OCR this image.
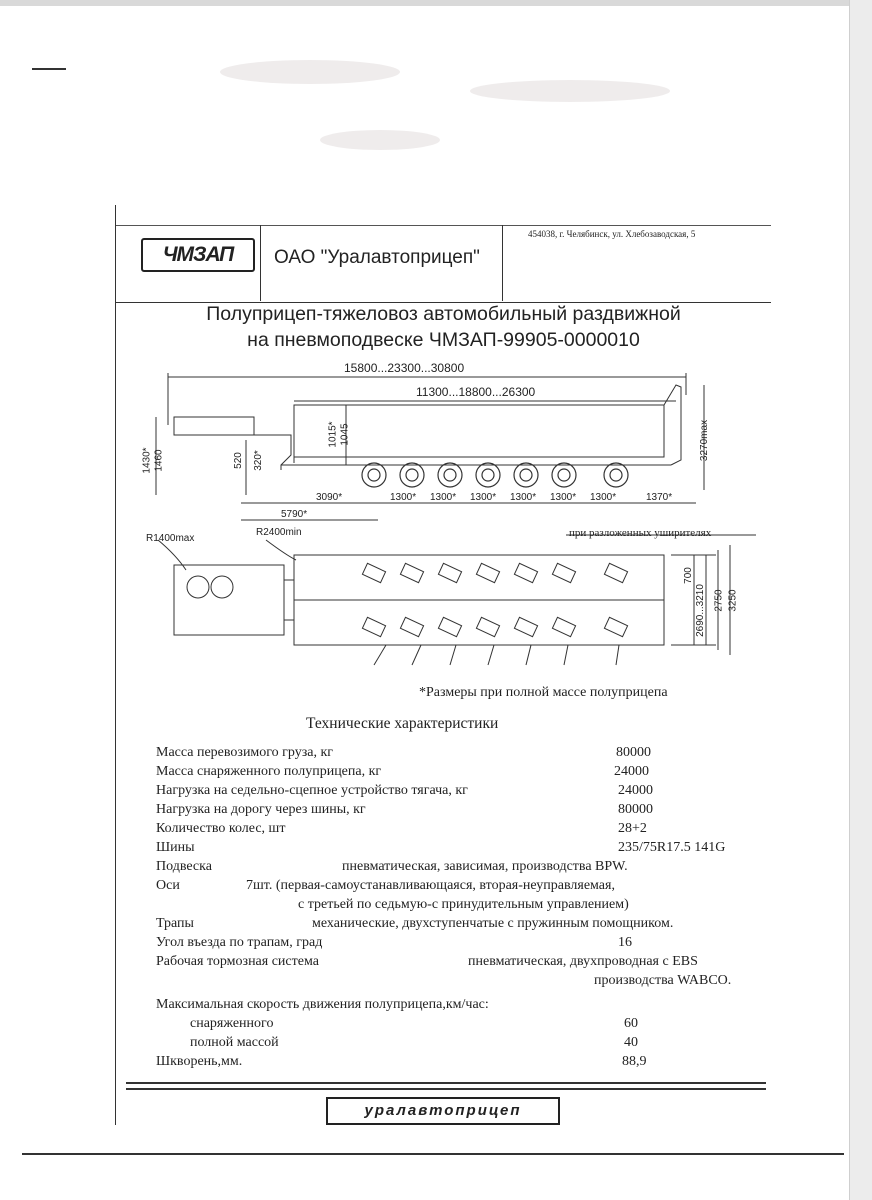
ЧМЗАП	ОАО "Уралавтоприцеп"
454038, г. Челябинск, ул. Хлебозаводская, 5
Полуприцеп-тяжеловоз автомобильный раздвижной
на пневмоподвеске ЧМЗАП-99905-0000010
15800...23300...30800
11300...18800...26300
3270max
1430* 1460
1015* 1045
520 320*
3090*	1300* 1300* 1300* 1300* 1300* 1300*	1370*
5790*
R1400max
R2400min	при разложенных уширителях
700
2690...3210 2750 3250
*Размеры при полной массе полуприцепа
Технические характеристики
Масса перевозимого груза, кг	80000
Масса снаряженного полуприцепа, кг	24000
Нагрузка на седельно-сцепное устройство тягача, кг	24000
Нагрузка на дорогу через шины, кг	80000
Количество колес, шт	28+2
Шины	235/75R17.5 141G
Подвеска	пневматическая, зависимая, производства BPW.
Оси	7шт. (первая-самоустанавливающаяся, вторая-неуправляемая,
с третьей по седьмую-с принудительным управлением)
Трапы	механические, двухступенчатые с пружинным помощником.
Угол въезда по трапам, град	16
Рабочая тормозная система	пневматическая, двухпроводная с EBS
производства WABCO.
Максимальная скорость движения полуприцепа,км/час:
снаряженного	60
полной массой	40
Шкворень,мм.	88,9
уралавтоприцеп
